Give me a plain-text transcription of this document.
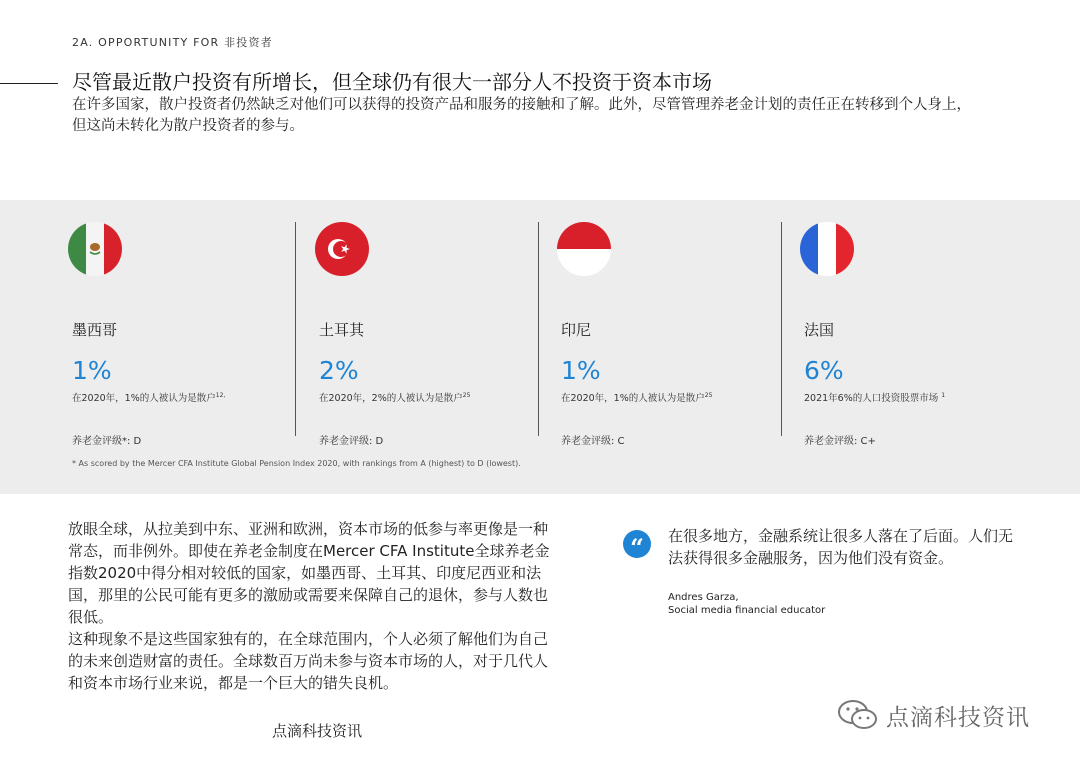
2A. OPPORTUNITY FOR 非投资者
尽管最近散户投资有所增长，但全球仍有很大一部分人不投资于资本市场

在许多国家，散户投资者仍然缺乏对他们可以获得的投资产品和服务的接触和了解。此外，尽管管理养老金计划的责任正在转移到个人身上，但这尚未转化为散户投资者的参与。

墨西哥
1%
在2020年，1%的人被认为是散户$^{12,}$
养老金评级*: D
土耳其
2%
在2020年，2%的人被认为是散户$^{25}$
养老金评级: D
印尼
1%
在2020年，1%的人被认为是散户$^{25}$
养老金评级: C
法国
6%
2021年6%的人口投资股票市场 $^1$
养老金评级: C+
* As scored by the Mercer CFA Institute Global Pension Index 2020, with rankings from A (highest) to D (lowest).

放眼全球，从拉美到中东、亚洲和欧洲，资本市场的低参与率更像是一种常态，而非例外。即使在养老金制度在Mercer CFA Institute全球养老金指数2020中得分相对较低的国家，如墨西哥、土耳其、印度尼西亚和法国，那里的公民可能有更多的激励或需要来保障自己的退休，参与人数也很低。

这种现象不是这些国家独有的，在全球范围内，个人必须了解他们为自己的未来创造财富的责任。全球数百万尚未参与资本市场的人，对于几代人和资本市场行业来说，都是一个巨大的错失良机。

“	在很多地方，金融系统让很多人落在了后面。人们无法获得很多金融服务，因为他们没有资金。
Andres Garza,
Social media financial educator
点滴科技资讯
点滴科技资讯
